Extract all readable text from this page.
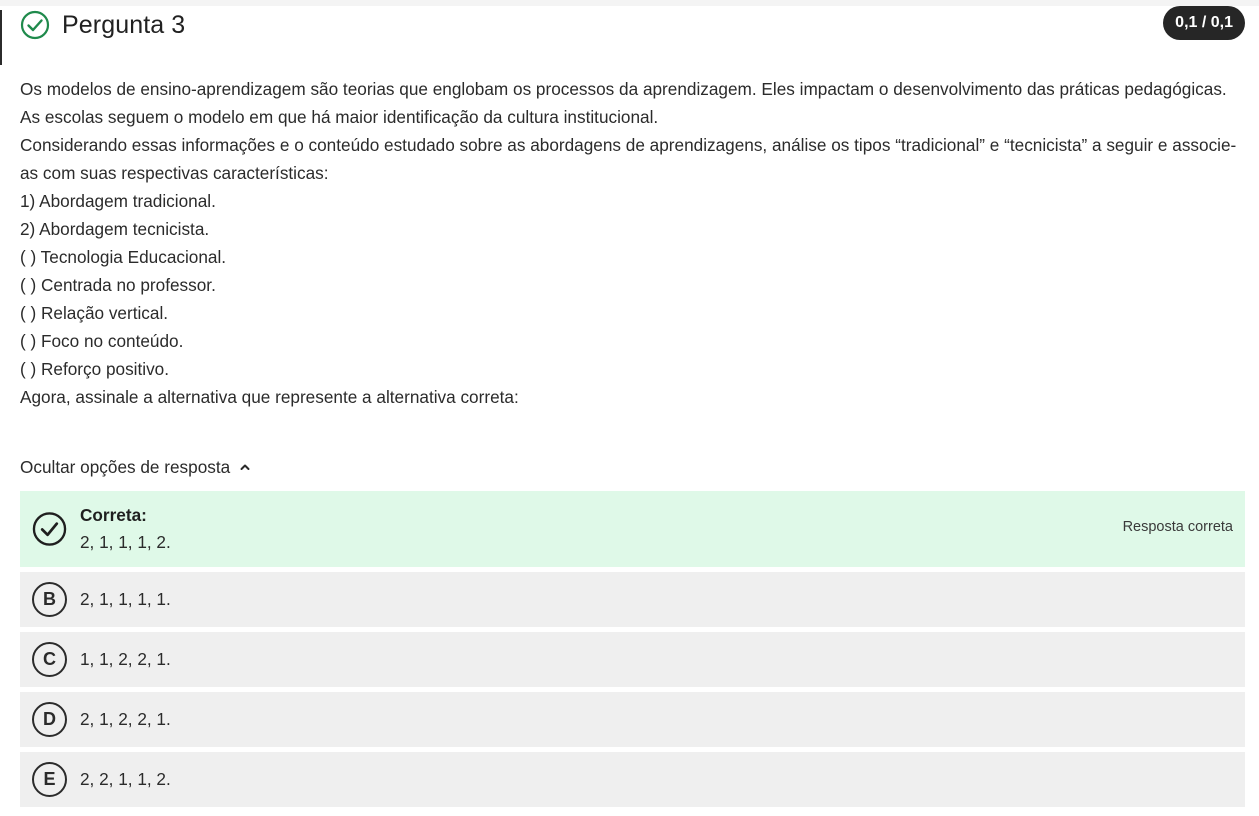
Pergunta 3	0,1 / 0,1

Os modelos de ensino-aprendizagem são teorias que englobam os processos da aprendizagem. Eles impactam o desenvolvimento das práticas pedagógicas. As escolas seguem o modelo em que há maior identificação da cultura institucional.

Considerando essas informações e o conteúdo estudado sobre as abordagens de aprendizagens, análise os tipos “tradicional” e “tecnicista” a seguir e associe-as com suas respectivas características:

1) Abordagem tradicional.

2) Abordagem tecnicista.

( ) Tecnologia Educacional.

( ) Centrada no professor.

( ) Relação vertical.

( ) Foco no conteúdo.

( ) Reforço positivo.

Agora, assinale a alternativa que represente a alternativa correta:

Ocultar opções de resposta
Correta:
2, 1, 1, 1, 2.
Resposta correta
B	2, 1, 1, 1, 1.
C	1, 1, 2, 2, 1.
D	2, 1, 2, 2, 1.
E	2, 2, 1, 1, 2.
